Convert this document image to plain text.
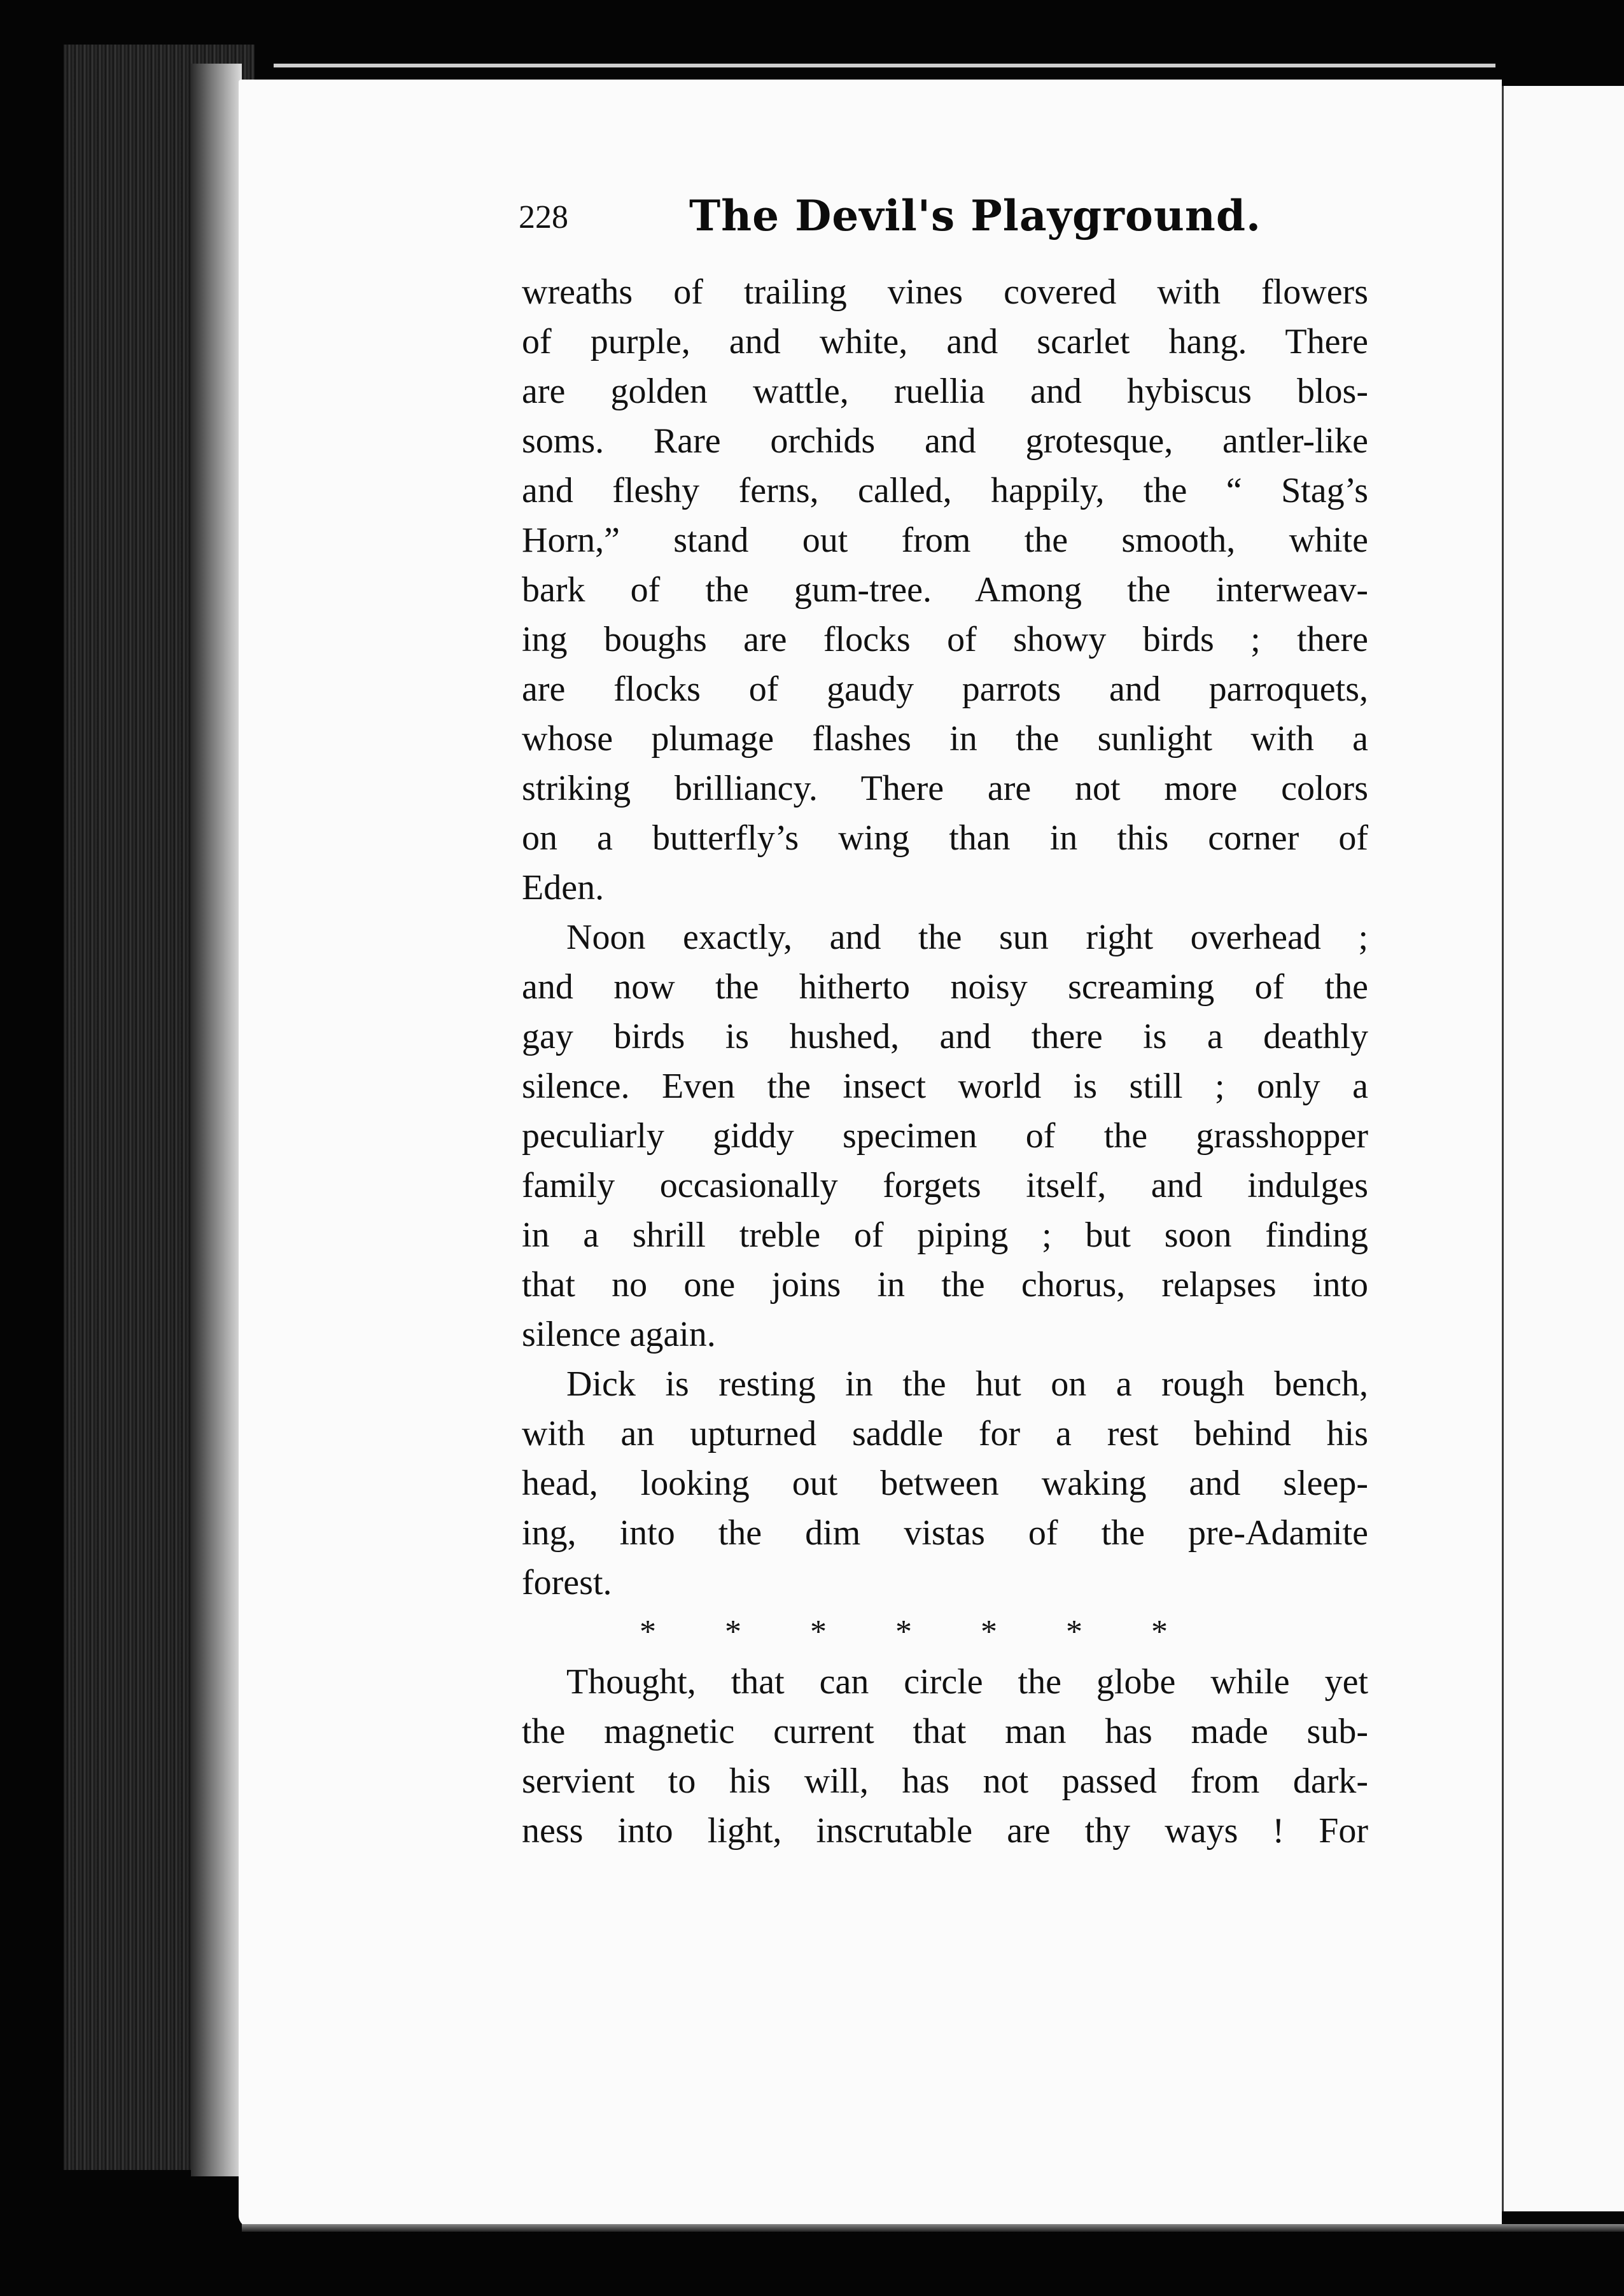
228	The Devil's Playground.
wreaths of trailing vines covered with flowers
of purple, and white, and scarlet hang. There
are golden wattle, ruellia and hybiscus blos-
soms. Rare orchids and grotesque, antler-like
and fleshy ferns, called, happily, the “ Stag’s
Horn,” stand out from the smooth, white
bark of the gum-tree. Among the interweav-
ing boughs are flocks of showy birds ; there
are flocks of gaudy parrots and parroquets,
whose plumage flashes in the sunlight with a
striking brilliancy. There are not more colors
on a butterfly’s wing than in this corner of
Eden.
Noon exactly, and the sun right overhead ;
and now the hitherto noisy screaming of the
gay birds is hushed, and there is a deathly
silence. Even the insect world is still ; only a
peculiarly giddy specimen of the grasshopper
family occasionally forgets itself, and indulges
in a shrill treble of piping ; but soon finding
that no one joins in the chorus, relapses into
silence again.
Dick is resting in the hut on a rough bench,
with an upturned saddle for a rest behind his
head, looking out between waking and sleep-
ing, into the dim vistas of the pre-Adamite
forest.
* * * * * * *
Thought, that can circle the globe while yet
the magnetic current that man has made sub-
servient to his will, has not passed from dark-
ness into light, inscrutable are thy ways ! For
